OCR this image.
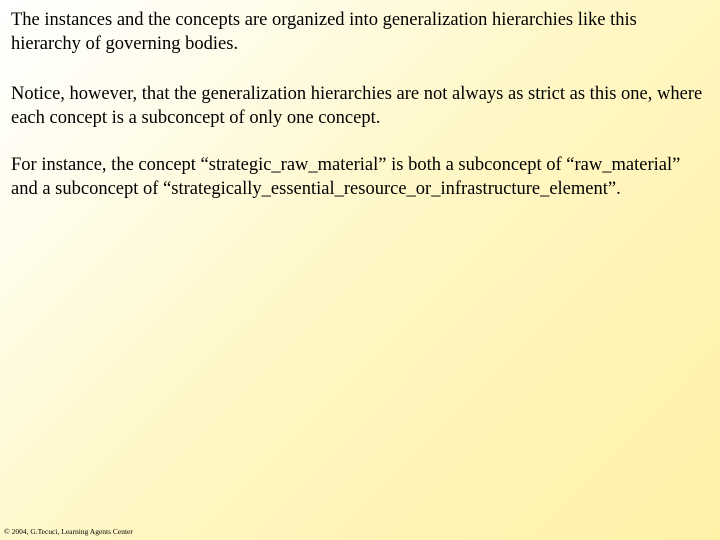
The instances and the concepts are organized into generalization hierarchies like this hierarchy of governing bodies.

Notice, however, that the generalization hierarchies are not always as strict as this one, where each concept is a subconcept of only one concept.

For instance, the concept “strategic_raw_material” is both a subconcept of “raw_material” and a subconcept of “strategically_essential_resource_or_infrastructure_element”.

© 2004, G.Tecuci, Learning Agents Center
